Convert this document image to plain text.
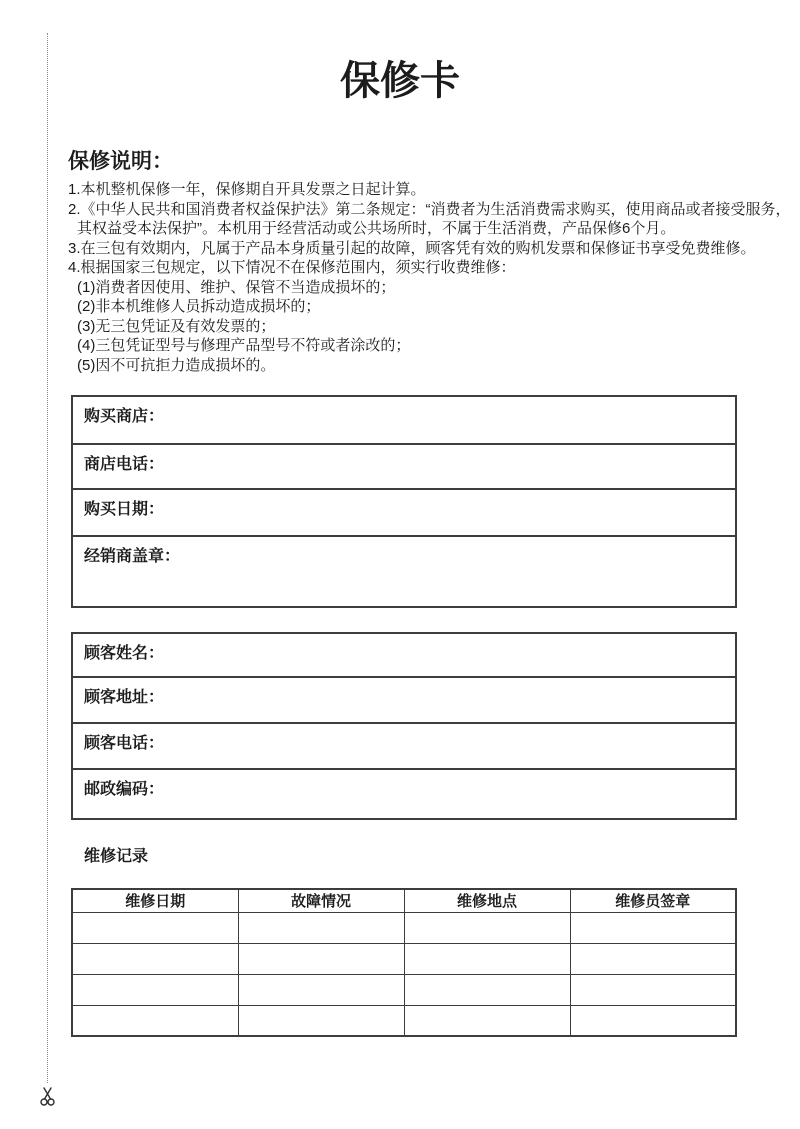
保修卡
保修说明：
1.本机整机保修一年，保修期自开具发票之日起计算。
2.《中华人民共和国消费者权益保护法》第二条规定：“消费者为生活消费需求购买，使用商品或者接受服务，
其权益受本法保护”。本机用于经营活动或公共场所时，不属于生活消费，产品保修6个月。
3.在三包有效期内，凡属于产品本身质量引起的故障，顾客凭有效的购机发票和保修证书享受免费维修。
4.根据国家三包规定，以下情况不在保修范围内，须实行收费维修：
(1)消费者因使用、维护、保管不当造成损坏的；
(2)非本机维修人员拆动造成损坏的；
(3)无三包凭证及有效发票的；
(4)三包凭证型号与修理产品型号不符或者涂改的；
(5)因不可抗拒力造成损坏的。
购买商店：
商店电话：
购买日期：
经销商盖章：
顾客姓名：
顾客地址：
顾客电话：
邮政编码：
维修记录
维修日期	故障情况	维修地点	维修员签章
